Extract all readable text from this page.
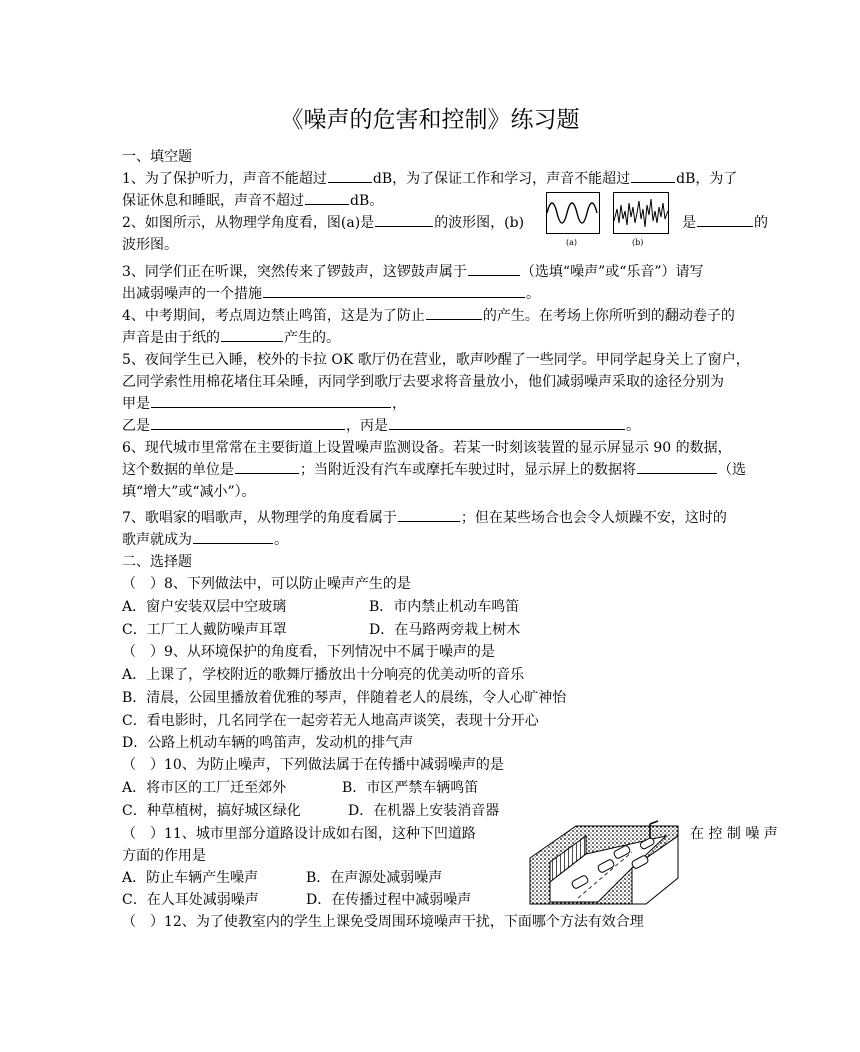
《噪声的危害和控制》练习题
一、填空题
1、为了保护听力，声音不能超过	dB，为了保证工作和学习，声音不能超过	dB，为了
保证休息和睡眠，声音不超过	dB。
2、如图所示，从物理学角度看，图(a)是	的波形图，(b)	是	的
波形图。	(a)	(b)
3、同学们正在听课，突然传来了锣鼓声，这锣鼓声属于	（选填“噪声”或“乐音”）请写
出减弱噪声的一个措施	。
4、中考期间，考点周边禁止鸣笛，这是为了防止	的产生。在考场上你所听到的翻动卷子的
声音是由于纸的	产生的。
5、夜间学生已入睡，校外的卡拉 OK 歌厅仍在营业，歌声吵醒了一些同学。甲同学起身关上了窗户，
乙同学索性用棉花堵住耳朵睡，丙同学到歌厅去要求将音量放小，他们减弱噪声采取的途径分别为
甲是	，
乙是	，丙是	。
6、现代城市里常常在主要街道上设置噪声监测设备。若某一时刻该装置的显示屏显示 90 的数据，
这个数据的单位是	；当附近没有汽车或摩托车驶过时，显示屏上的数据将	（选
填“增大”或“减小”）。
7、歌唱家的唱歌声，从物理学的角度看属于	；但在某些场合也会令人烦躁不安，这时的
歌声就成为	。
二、选择题
（　）8、下列做法中，可以防止噪声产生的是
A．窗户安装双层中空玻璃	B．市内禁止机动车鸣笛
C．工厂工人戴防噪声耳罩	D．在马路两旁栽上树木
（　）9、从环境保护的角度看，下列情况中不属于噪声的是
A．上课了，学校附近的歌舞厅播放出十分响亮的优美动听的音乐
B．清晨，公园里播放着优雅的琴声，伴随着老人的晨练，令人心旷神怡
C．看电影时，几名同学在一起旁若无人地高声谈笑，表现十分开心
D．公路上机动车辆的鸣笛声，发动机的排气声
（　）10、为防止噪声，下列做法属于在传播中减弱噪声的是
A．将市区的工厂迁至郊外	B．市区严禁车辆鸣笛
C．种草植树，搞好城区绿化	D．在机器上安装消音器
（　）11、城市里部分道路设计成如右图，这种下凹道路	在 控 制 噪 声
方面的作用是
A．防止车辆产生噪声	B．在声源处减弱噪声
C．在人耳处减弱噪声	D．在传播过程中减弱噪声
（　）12、为了使教室内的学生上课免受周围环境噪声干扰，下面哪个方法有效合理
